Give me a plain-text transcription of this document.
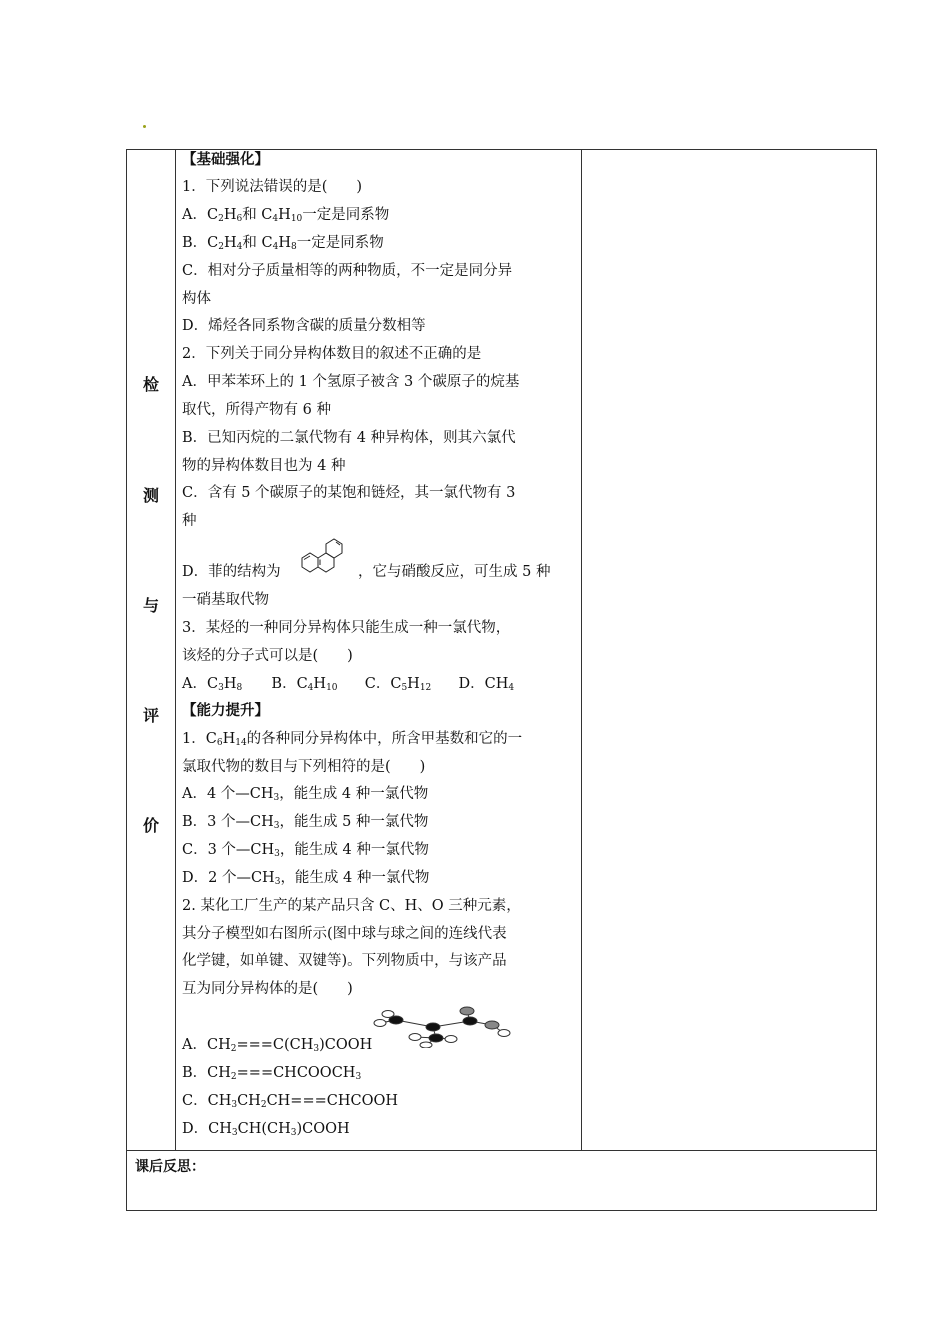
检
测
与
评
价
【基础强化】
1．下列说法错误的是(　　)
A．$C_2H_6$和 $C_4H_{10}$一定是同系物
B．$C_2H_4$和 $C_4H_8$一定是同系物
C．相对分子质量相等的两种物质，不一定是同分异
构体
D．烯烃各同系物含碳的质量分数相等
2．下列关于同分异构体数目的叙述不正确的是
A．甲苯苯环上的 1 个氢原子被含 3 个碳原子的烷基
取代，所得产物有 6 种
B．已知丙烷的二氯代物有 4 种异构体，则其六氯代
物的异构体数目也为 4 种
C．含有 5 个碳原子的某饱和链烃，其一氯代物有 3
种
D．菲的结构为	，它与硝酸反应，可生成 5 种
一硝基取代物
3．某烃的一种同分异构体只能生成一种一氯代物，
该烃的分子式可以是(　　)
A．$C_3H_8$ B．$C_4H_{10}$ C．$C_5H_{12}$ D．$CH_4$
【能力提升】
1．$C_6H_{14}$的各种同分异构体中，所含甲基数和它的一
氯取代物的数目与下列相符的是(　　)
A．4 个$—CH_3$，能生成 4 种一氯代物
B．3 个$—CH_3$，能生成 5 种一氯代物
C．3 个$—CH_3$，能生成 4 种一氯代物
D．2 个$—CH_3$，能生成 4 种一氯代物
2. 某化工厂生产的某产品只含 C、H、O 三种元素，
其分子模型如右图所示(图中球与球之间的连线代表
化学键，如单键、双键等)。下列物质中，与该产品
互为同分异构体的是(　　)
A．$CH_2===C(CH_3)COOH$
B．$CH_2===CHCOOCH_3$
C．$CH_3CH_2CH===CHCOOH$
D．$CH_3CH(CH_3)COOH$
课后反思：
